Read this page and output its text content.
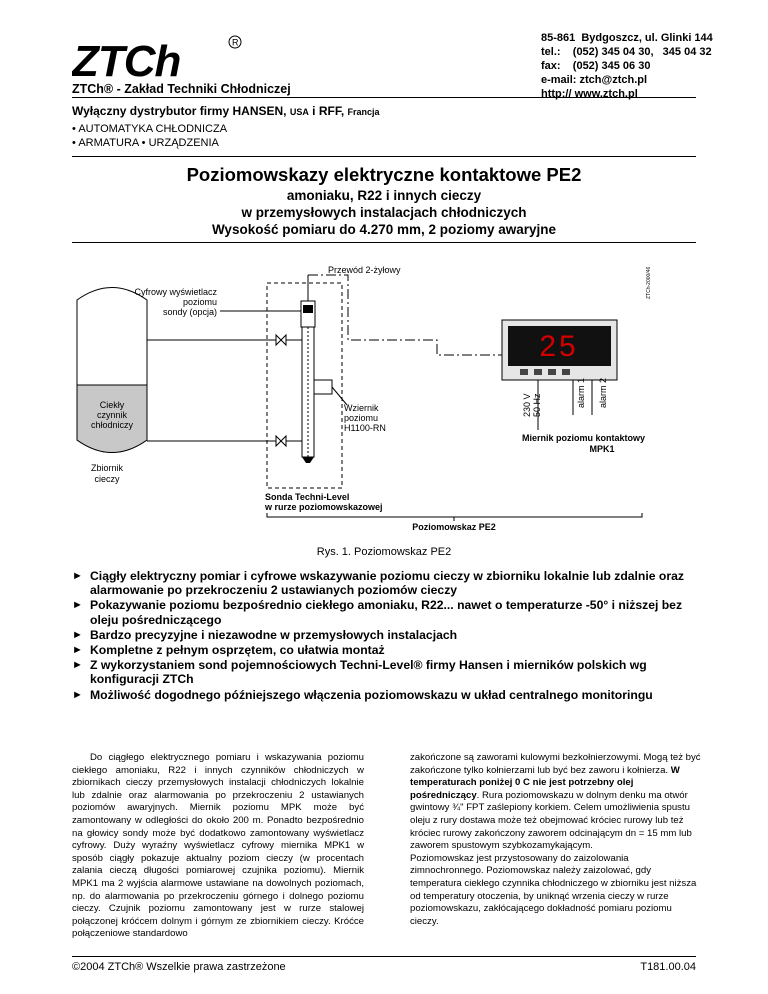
ZTCh	R
ZTCh® - Zakład Techniki Chłodniczej
85-861  Bydgoszcz, ul. Glinki 144
tel.:    (052) 345 04 30,   345 04 32
fax:    (052) 345 06 30
e-mail: ztch@ztch.pl
http:// www.ztch.pl
Wyłączny dystrybutor firmy HANSEN, USA i RFF, Francja
• AUTOMATYKA CHŁODNICZA
• ARMATURA • URZĄDZENIA
Poziomowskazy elektryczne kontaktowe PE2
amoniaku, R22 i innych cieczy
w przemysłowych instalacjach chłodniczych
Wysokość pomiaru do 4.270 mm, 2 poziomy awaryjne
Ciekły
czynnik
chłodniczy
Zbiornik
cieczy
Przewód 2-żyłowy	ZTCh-2000/46
Cyfrowy wyświetlacz
poziomu
sondy (opcja)
Wziernik
poziomu
H1100-RN
Sonda Techni-Level
w rurze poziomowskazowej
25
230 V 50 Hz	alarm 1 alarm 2
Miernik poziomu kontaktowy
MPK1
Poziomowskaz PE2
Rys. 1. Poziomowskaz PE2
► Ciągły elektryczny pomiar i cyfrowe wskazywanie poziomu cieczy w zbiorniku lokalnie lub zdalnie oraz alarmowanie po przekroczeniu 2 ustawianych poziomów cieczy
► Pokazywanie poziomu bezpośrednio ciekłego amoniaku, R22... nawet o temperaturze -50° i niższej bez oleju pośredniczącego
► Bardzo precyzyjne i niezawodne w przemysłowych instalacjach
► Kompletne z pełnym osprzętem, co ułatwia montaż
► Z wykorzystaniem sond pojemnościowych Techni-Level® firmy Hansen i mierników polskich wg konfiguracji ZTCh
► Możliwość dogodnego późniejszego włączenia poziomowskazu w układ centralnego monitoringu
Do ciągłego elektrycznego pomiaru i wskazywania poziomu ciekłego amoniaku, R22 i innych czynników chłodniczych w zbiornikach cieczy przemysłowych instalacji chłodniczych lokalnie lub zdalnie oraz alarmowania po przekroczeniu 2 ustawianych poziomów awaryjnych. Miernik poziomu MPK może być zamontowany w odległości do około 200 m. Ponadto bezpośrednio na głowicy sondy może być dodatkowo zamontowany wyświetlacz cyfrowy. Duży wyraźny wyświetlacz cyfrowy miernika MPK1 w sposób ciągły pokazuje aktualny poziom cieczy (w procentach zalania cieczą długości pomiarowej czujnika poziomu). Miernik MPK1 ma 2 wyjścia alarmowe ustawiane na dowolnych poziomach, np. do alarmowania po przekroczeniu górnego i dolnego poziomu cieczy. Czujnik poziomu zamontowany jest w rurze stalowej połączonej króćcem dolnym i górnym ze zbiornikiem cieczy. Króćce połączeniowe standardowo
zakończone są zaworami kulowymi bezkołnierzowymi. Mogą też być zakończone tylko kołnierzami lub być bez zaworu i kołnierza. W temperaturach poniżej 0 C nie jest potrzebny olej pośredniczący. Rura poziomowskazu w dolnym denku ma otwór gwintowy ¾" FPT zaślepiony korkiem. Celem umożliwienia spustu oleju z rury dostawa może też obejmować króciec rurowy lub też króciec rurowy zakończony zaworem odcinającym dn = 15 mm lub zaworem spustowym szybkozamykającym.
Poziomowskaz jest przystosowany do zaizolowania zimnochronnego. Poziomowskaz należy zaizolować, gdy temperatura ciekłego czynnika chłodniczego w zbiorniku jest niższa od temperatury otoczenia, by uniknąć wrzenia cieczy w rurze poziomowskazu, zakłócającego dokładność pomiaru poziomu cieczy.
©2004 ZTCh® Wszelkie prawa zastrzeżone	T181.00.04
